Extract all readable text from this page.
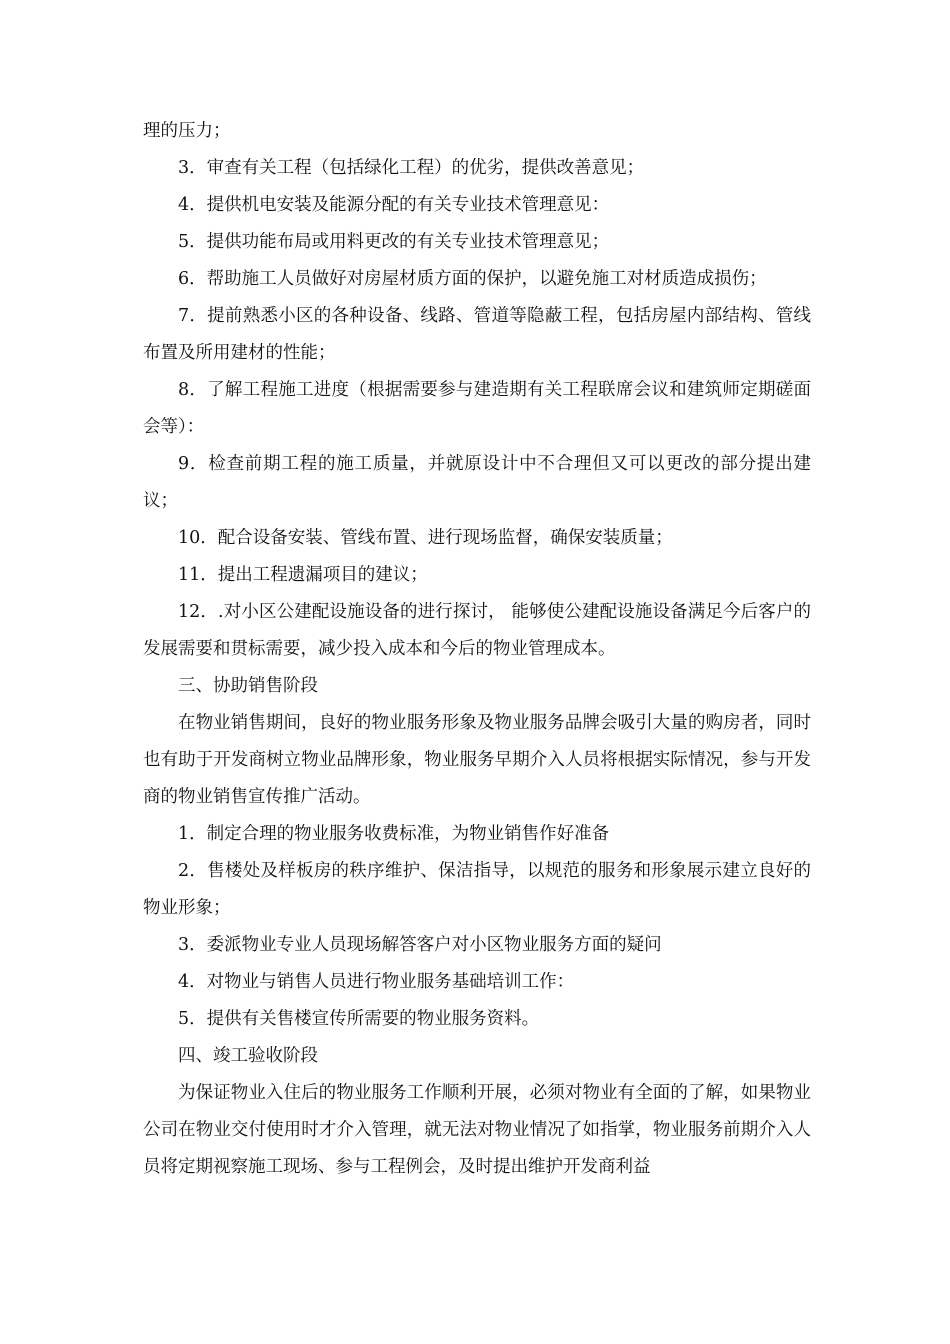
理的压力；

3．审查有关工程（包括绿化工程）的优劣，提供改善意见；

4．提供机电安装及能源分配的有关专业技术管理意见：

5．提供功能布局或用料更改的有关专业技术管理意见；

6．帮助施工人员做好对房屋材质方面的保护，以避免施工对材质造成损伤；

7．提前熟悉小区的各种设备、线路、管道等隐蔽工程，包括房屋内部结构、管线布置及所用建材的性能；

8．了解工程施工进度（根据需要参与建造期有关工程联席会议和建筑师定期磋面会等）：

9．检查前期工程的施工质量，并就原设计中不合理但又可以更改的部分提出建议；

10．配合设备安装、管线布置、进行现场监督，确保安装质量；

11．提出工程遗漏项目的建议；

12．.对小区公建配设施设备的进行探讨， 能够使公建配设施设备满足今后客户的发展需要和贯标需要，减少投入成本和今后的物业管理成本。

三、协助销售阶段

在物业销售期间，良好的物业服务形象及物业服务品牌会吸引大量的购房者，同时也有助于开发商树立物业品牌形象，物业服务早期介入人员将根据实际情况，参与开发商的物业销售宣传推广活动。

1．制定合理的物业服务收费标准，为物业销售作好准备

2．售楼处及样板房的秩序维护、保洁指导，以规范的服务和形象展示建立良好的物业形象；

3．委派物业专业人员现场解答客户对小区物业服务方面的疑问

4．对物业与销售人员进行物业服务基础培训工作：

5．提供有关售楼宣传所需要的物业服务资料。

四、竣工验收阶段

为保证物业入住后的物业服务工作顺利开展，必须对物业有全面的了解，如果物业公司在物业交付使用时才介入管理，就无法对物业情况了如指掌，物业服务前期介入人员将定期视察施工现场、参与工程例会，及时提出维护开发商利益
